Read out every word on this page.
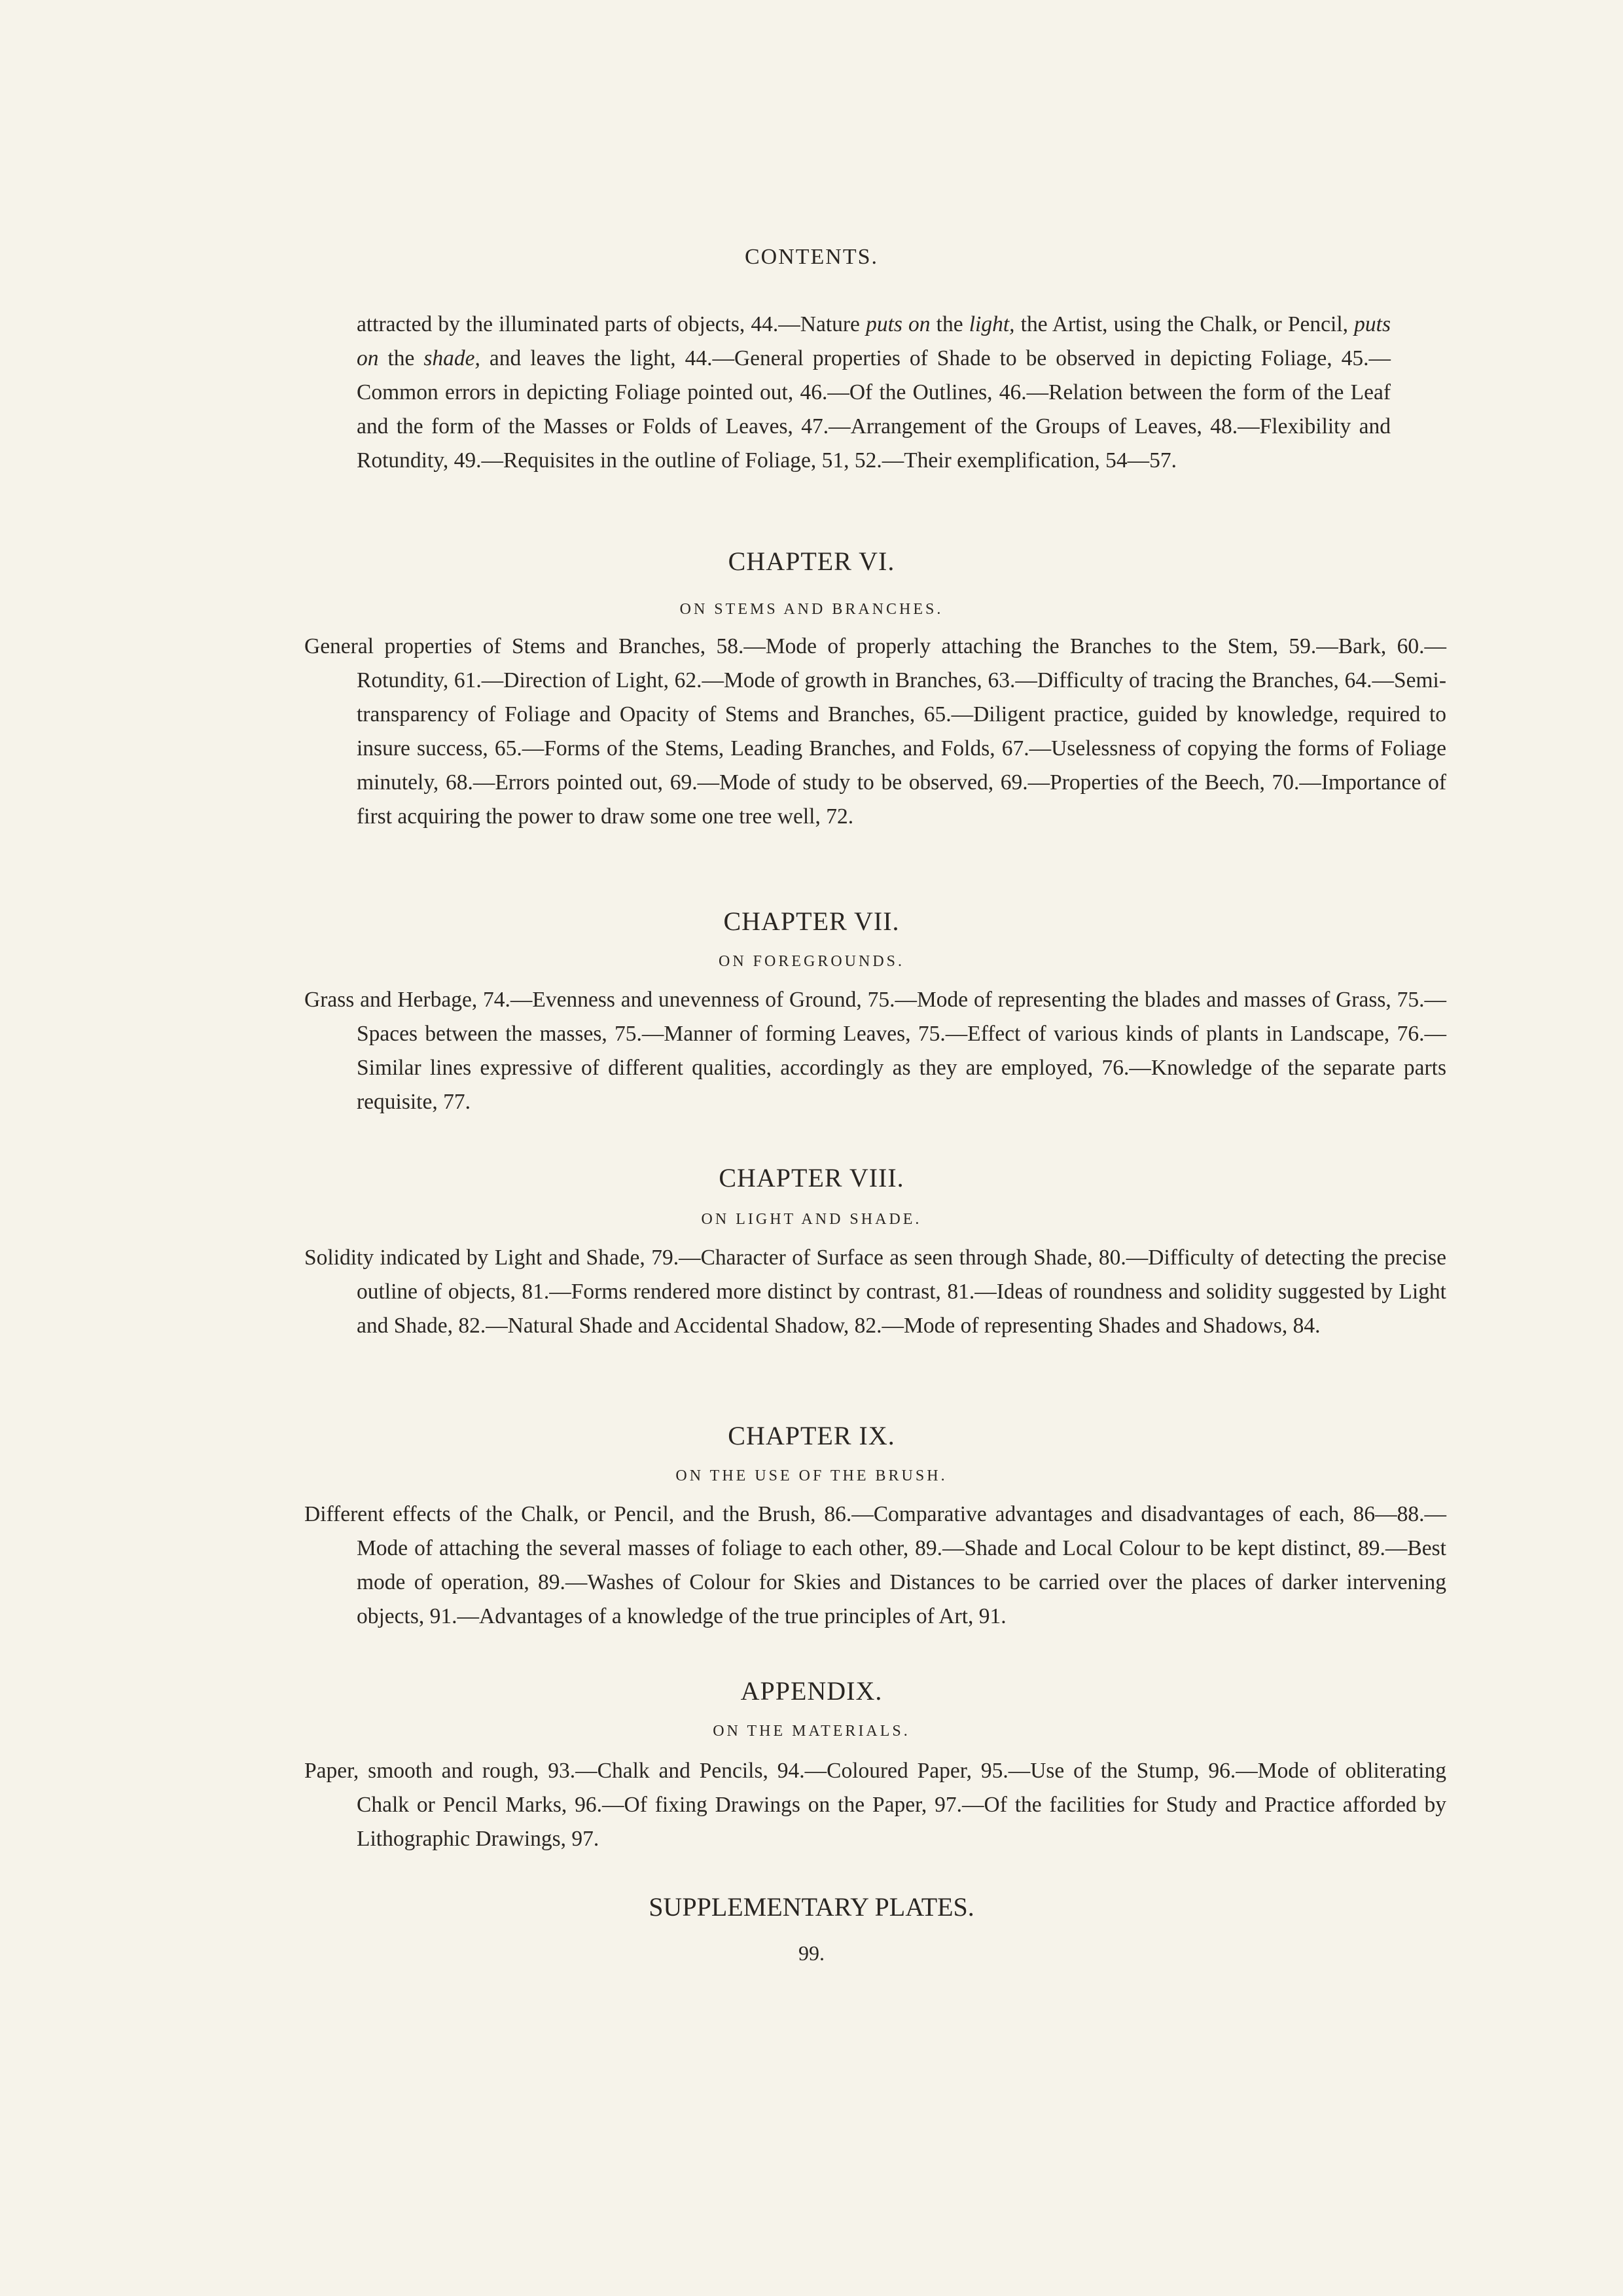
CONTENTS.

attracted by the illuminated parts of objects, 44.—Nature puts on the light, the Artist, using the Chalk, or Pencil, puts on the shade, and leaves the light, 44.—General properties of Shade to be observed in depicting Foliage, 45.—Common errors in depicting Foliage pointed out, 46.—Of the Outlines, 46.—Relation between the form of the Leaf and the form of the Masses or Folds of Leaves, 47.—Arrangement of the Groups of Leaves, 48.—Flexibility and Rotundity, 49.—Requisites in the outline of Foliage, 51, 52.—Their exemplification, 54—57.

CHAPTER VI.
ON STEMS AND BRANCHES.

General properties of Stems and Branches, 58.—Mode of properly attaching the Branches to the Stem, 59.—Bark, 60.—Rotundity, 61.—Direction of Light, 62.—Mode of growth in Branches, 63.—Difficulty of tracing the Branches, 64.—Semi-transparency of Foliage and Opacity of Stems and Branches, 65.—Diligent practice, guided by knowledge, required to insure success, 65.—Forms of the Stems, Leading Branches, and Folds, 67.—Uselessness of copying the forms of Foliage minutely, 68.—Errors pointed out, 69.—Mode of study to be observed, 69.—Properties of the Beech, 70.—Importance of first acquiring the power to draw some one tree well, 72.

CHAPTER VII.
ON FOREGROUNDS.

Grass and Herbage, 74.—Evenness and unevenness of Ground, 75.—Mode of representing the blades and masses of Grass, 75.—Spaces between the masses, 75.—Manner of forming Leaves, 75.—Effect of various kinds of plants in Landscape, 76.—Similar lines expressive of different qualities, accordingly as they are employed, 76.—Knowledge of the separate parts requisite, 77.

CHAPTER VIII.
ON LIGHT AND SHADE.

Solidity indicated by Light and Shade, 79.—Character of Surface as seen through Shade, 80.—Difficulty of detecting the precise outline of objects, 81.—Forms rendered more distinct by contrast, 81.—Ideas of roundness and solidity suggested by Light and Shade, 82.—Natural Shade and Accidental Shadow, 82.—Mode of representing Shades and Shadows, 84.

CHAPTER IX.
ON THE USE OF THE BRUSH.

Different effects of the Chalk, or Pencil, and the Brush, 86.—Comparative advantages and disadvantages of each, 86—88.—Mode of attaching the several masses of foliage to each other, 89.—Shade and Local Colour to be kept distinct, 89.—Best mode of operation, 89.—Washes of Colour for Skies and Distances to be carried over the places of darker intervening objects, 91.—Advantages of a knowledge of the true principles of Art, 91.

APPENDIX.
ON THE MATERIALS.

Paper, smooth and rough, 93.—Chalk and Pencils, 94.—Coloured Paper, 95.—Use of the Stump, 96.—Mode of obliterating Chalk or Pencil Marks, 96.—Of fixing Drawings on the Paper, 97.—Of the facilities for Study and Practice afforded by Lithographic Drawings, 97.

SUPPLEMENTARY PLATES.
99.
